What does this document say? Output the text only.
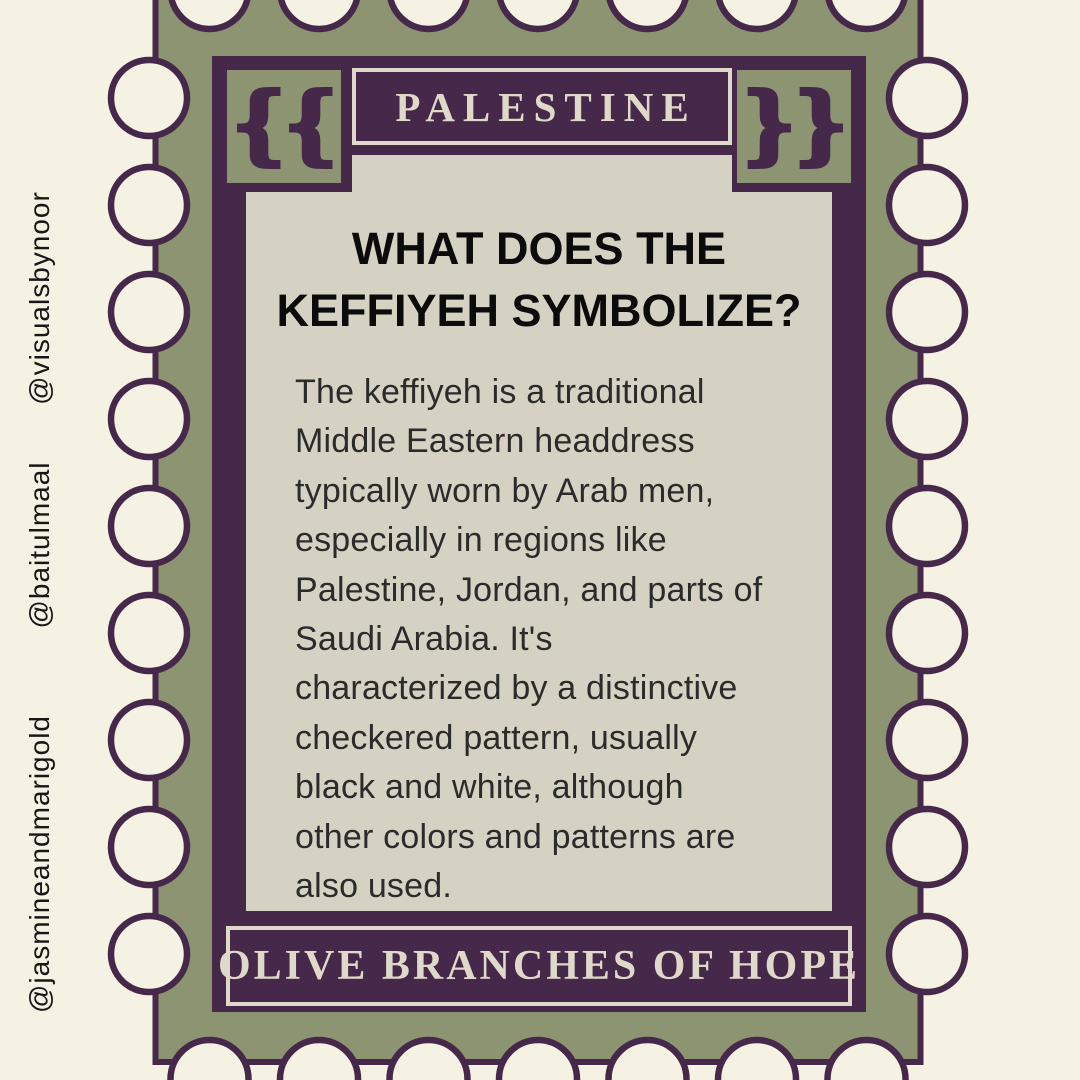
{{ PALESTINE }}
WHAT DOES THE
KEFFIYEH SYMBOLIZE?
The keffiyeh is a traditional
Middle Eastern headdress
typically worn by Arab men,
especially in regions like
Palestine, Jordan, and parts of
Saudi Arabia. It's
characterized by a distinctive
checkered pattern, usually
black and white, although
other colors and patterns are
also used.
OLIVE BRANCHES OF HOPE
@visualsbynoor
@baitulmaal
@jasmineandmarigold
